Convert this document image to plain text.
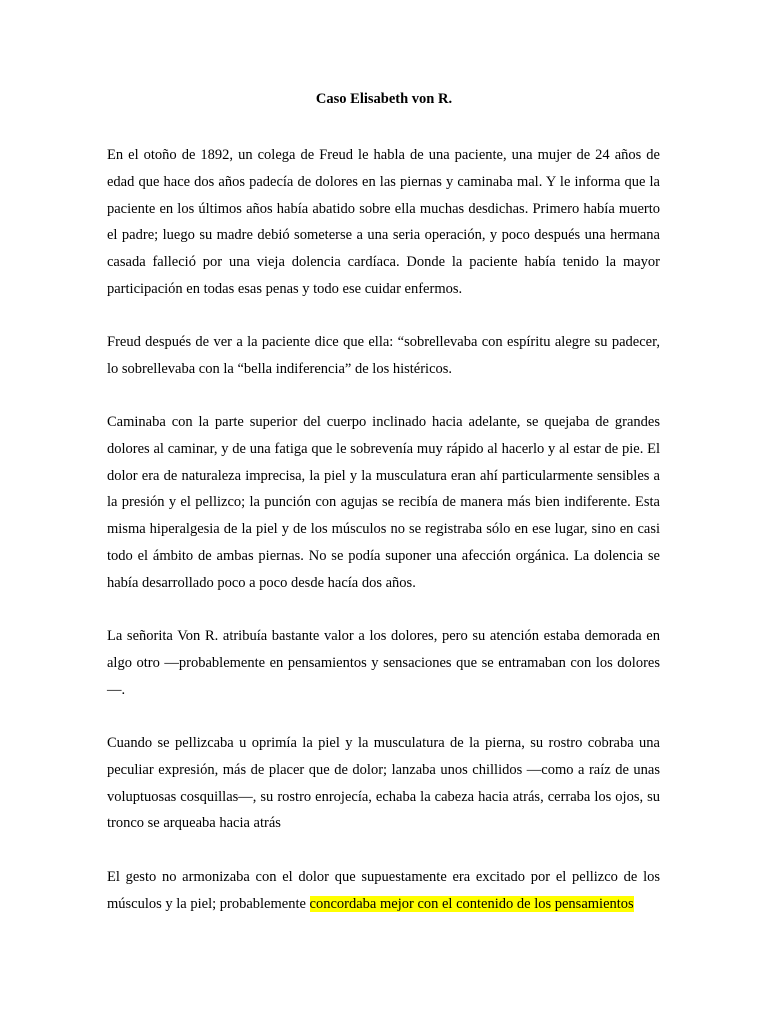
Caso Elisabeth von R.

En el otoño de 1892, un colega de Freud le habla de una paciente, una mujer de 24 años de edad que hace dos años padecía de dolores en las piernas y caminaba mal. Y le informa que la paciente en los últimos años había abatido sobre ella muchas desdichas. Primero había muerto el padre; luego su madre debió someterse a una seria operación, y poco después una hermana casada falleció por una vieja dolencia cardíaca. Donde la paciente había tenido la mayor participación en todas esas penas y todo ese cuidar enfermos.

Freud después de ver a la paciente dice que ella: “sobrellevaba con espíritu alegre su padecer, lo sobrellevaba con la “bella indiferencia” de los histéricos.

Caminaba con la parte superior del cuerpo inclinado hacia adelante, se quejaba de grandes dolores al caminar, y de una fatiga que le sobrevenía muy rápido al hacerlo y al estar de pie. El dolor era de naturaleza imprecisa, la piel y la musculatura eran ahí particularmente sensibles a la presión y el pellizco; la punción con agujas se recibía de manera más bien indiferente. Esta misma hiperalgesia de la piel y de los músculos no se registraba sólo en ese lugar, sino en casi todo el ámbito de ambas piernas. No se podía suponer una afección orgánica. La dolencia se había desarrollado poco a poco desde hacía dos años.

La señorita Von R. atribuía bastante valor a los dolores, pero su atención estaba demorada en algo otro —probablemente en pensamientos y sensaciones que se entramaban con los dolores—.

Cuando se pellizcaba u oprimía la piel y la musculatura de la pierna, su rostro cobraba una peculiar expresión, más de placer que de dolor; lanzaba unos chillidos —como a raíz de unas voluptuosas cosquillas—, su rostro enrojecía, echaba la cabeza hacia atrás, cerraba los ojos, su tronco se arqueaba hacia atrás

El gesto no armonizaba con el dolor que supuestamente era excitado por el pellizco de los músculos y la piel; probablemente concordaba mejor con el contenido de los pensamientos
